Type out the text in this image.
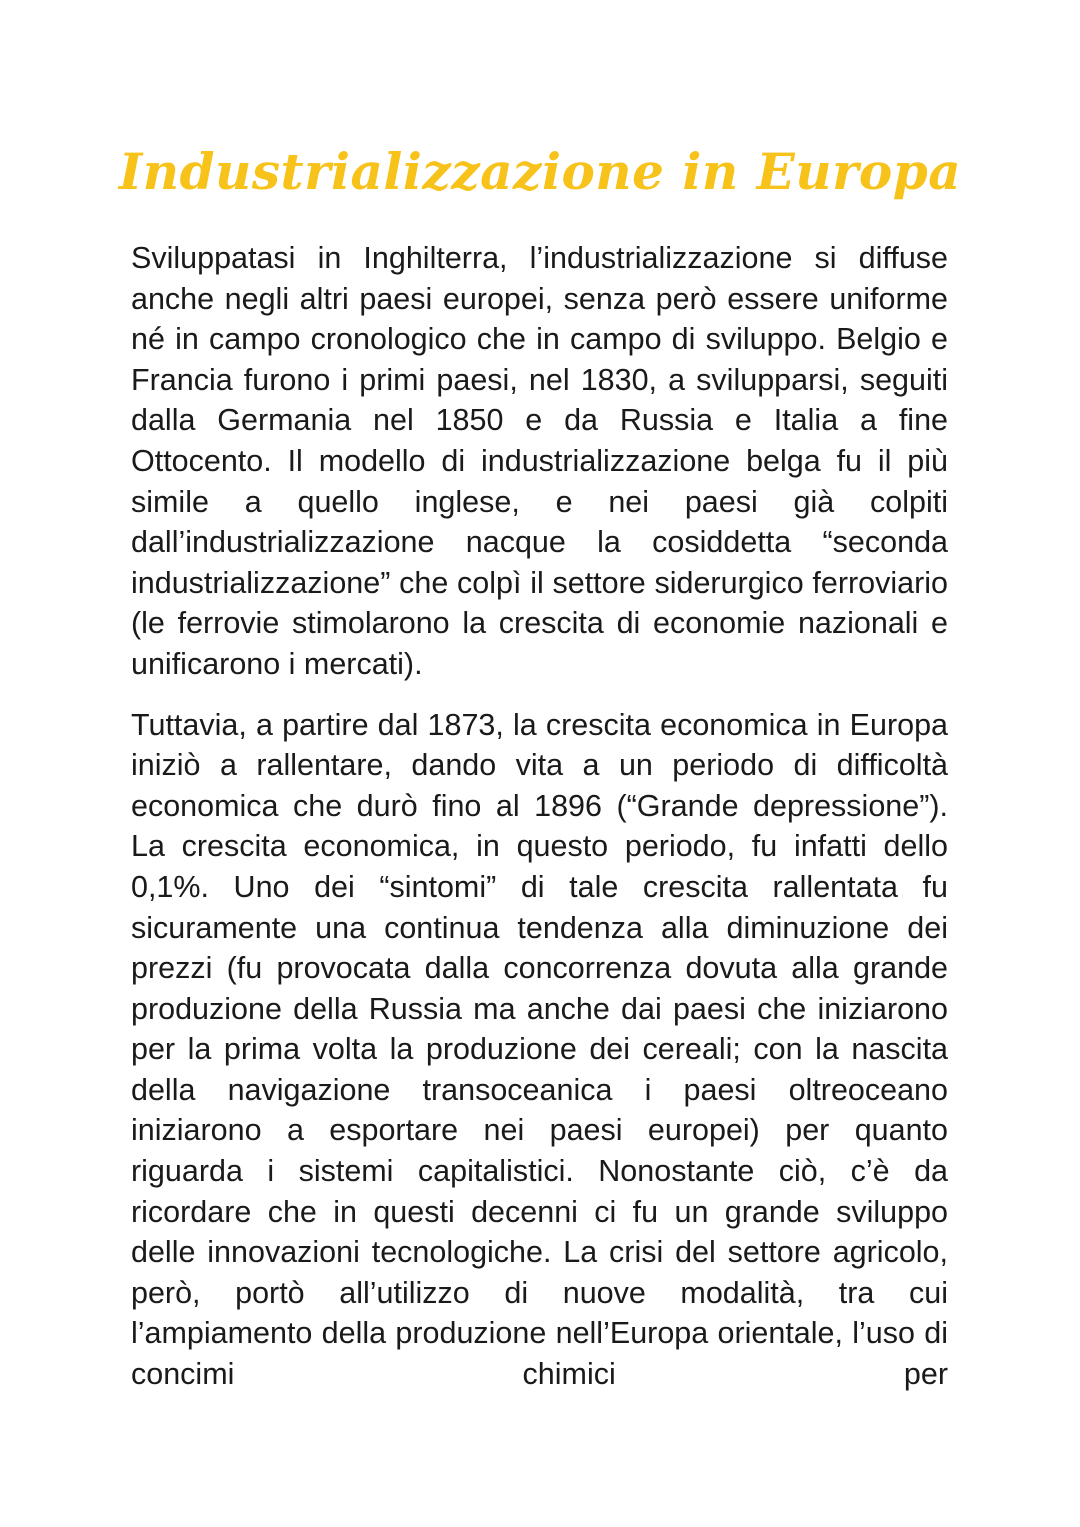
Industrializzazione in Europa

Sviluppatasi in Inghilterra, l’industrializzazione si diffuse anche negli altri paesi europei, senza però essere uniforme né in campo cronologico che in campo di sviluppo. Belgio e Francia furono i primi paesi, nel 1830, a svilupparsi, seguiti dalla Germania nel 1850 e da Russia e Italia a fine Ottocento. Il modello di industrializzazione belga fu il più simile a quello inglese, e nei paesi già colpiti dall’industrializzazione nacque la cosiddetta “seconda industrializzazione” che colpì il settore siderurgico ferroviario (le ferrovie stimolarono la crescita di economie nazionali e unificarono i mercati).

Tuttavia, a partire dal 1873, la crescita economica in Europa iniziò a rallentare, dando vita a un periodo di difficoltà economica che durò fino al 1896 (“Grande depressione”). La crescita economica, in questo periodo, fu infatti dello 0,1%. Uno dei “sintomi” di tale crescita rallentata fu sicuramente una continua tendenza alla diminuzione dei prezzi (fu provocata dalla concorrenza dovuta alla grande produzione della Russia ma anche dai paesi che iniziarono per la prima volta la produzione dei cereali; con la nascita della navigazione transoceanica i paesi oltreoceano iniziarono a esportare nei paesi europei) per quanto riguarda i sistemi capitalistici. Nonostante ciò, c’è da ricordare che in questi decenni ci fu un grande sviluppo delle innovazioni tecnologiche. La crisi del settore agricolo, però, portò all’utilizzo di nuove modalità, tra cui l’ampiamento della produzione nell’Europa orientale, l’uso di concimi chimici per
